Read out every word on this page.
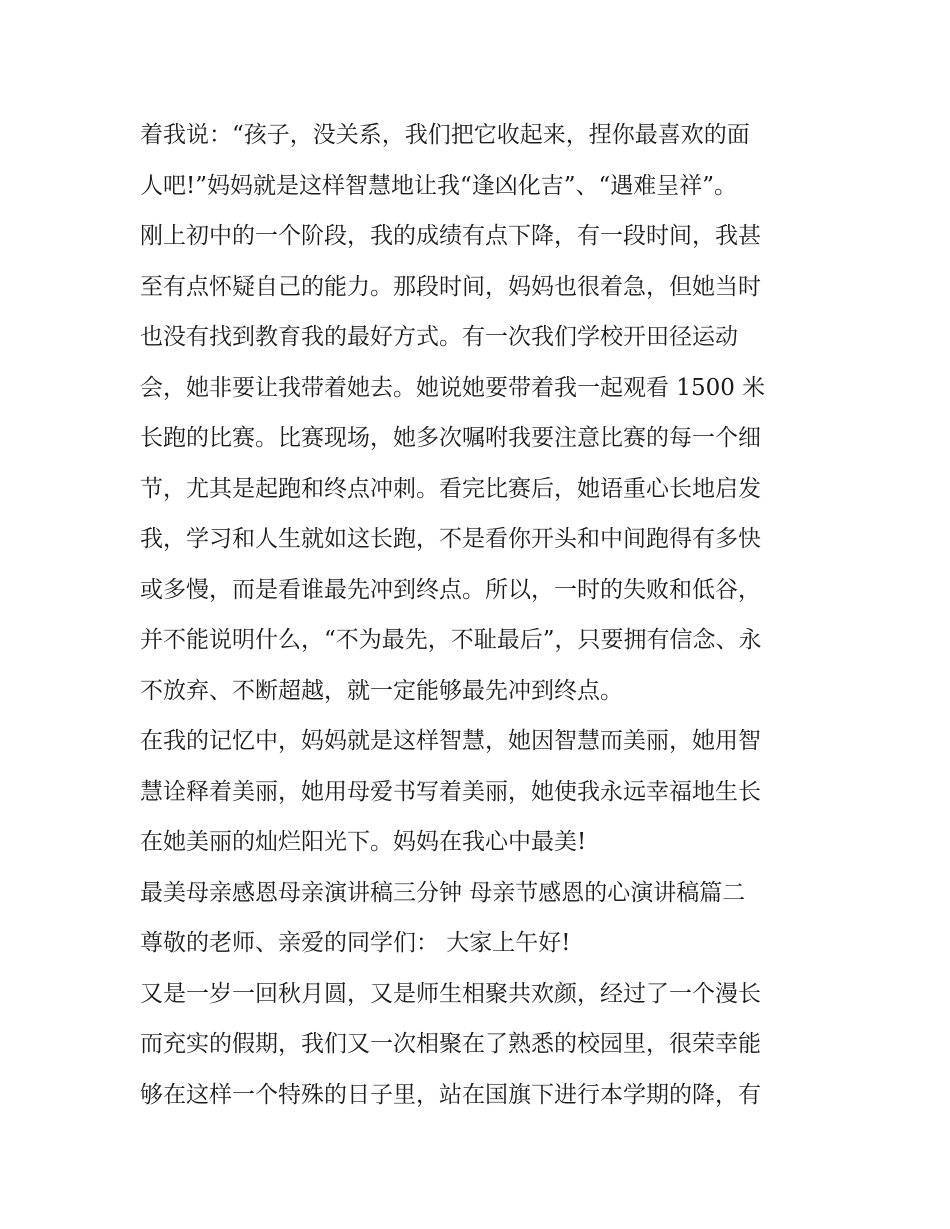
着我说：“孩子，没关系，我们把它收起来，捏你最喜欢的面
人吧!”妈妈就是这样智慧地让我“逢凶化吉”、“遇难呈祥”。
刚上初中的一个阶段，我的成绩有点下降，有一段时间，我甚
至有点怀疑自己的能力。那段时间，妈妈也很着急，但她当时
也没有找到教育我的最好方式。有一次我们学校开田径运动
会，她非要让我带着她去。她说她要带着我一起观看 1500 米
长跑的比赛。比赛现场，她多次嘱咐我要注意比赛的每一个细
节，尤其是起跑和终点冲刺。看完比赛后，她语重心长地启发
我，学习和人生就如这长跑，不是看你开头和中间跑得有多快
或多慢，而是看谁最先冲到终点。所以，一时的失败和低谷，
并不能说明什么，“不为最先，不耻最后”，只要拥有信念、永
不放弃、不断超越，就一定能够最先冲到终点。
在我的记忆中，妈妈就是这样智慧，她因智慧而美丽，她用智
慧诠释着美丽，她用母爱书写着美丽，她使我永远幸福地生长
在她美丽的灿烂阳光下。妈妈在我心中最美!
最美母亲感恩母亲演讲稿三分钟 母亲节感恩的心演讲稿篇二
尊敬的老师、亲爱的同学们： 大家上午好!
又是一岁一回秋月圆，又是师生相聚共欢颜，经过了一个漫长
而充实的假期，我们又一次相聚在了熟悉的校园里，很荣幸能
够在这样一个特殊的日子里，站在国旗下进行本学期的降，有
